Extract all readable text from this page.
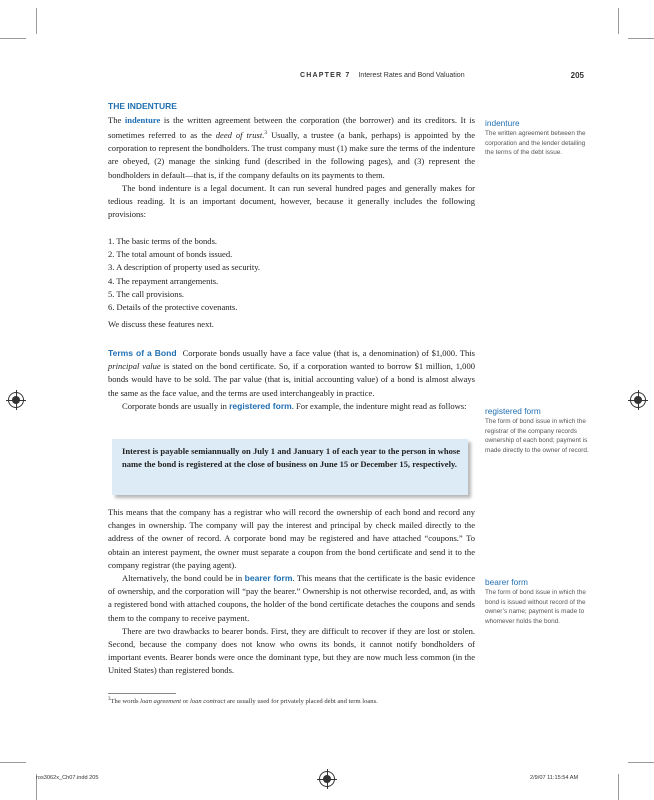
CHAPTER 7 Interest Rates and Bond Valuation	205
THE INDENTURE

The indenture is the written agreement between the corporation (the borrower) and its creditors. It is sometimes referred to as the deed of trust.$^3$ Usually, a trustee (a bank, perhaps) is appointed by the corporation to represent the bondholders. The trust company must (1) make sure the terms of the indenture are obeyed, (2) manage the sinking fund (described in the following pages), and (3) represent the bondholders in default—that is, if the company defaults on its payments to them.

The bond indenture is a legal document. It can run several hundred pages and generally makes for tedious reading. It is an important document, however, because it generally includes the following provisions:

1. The basic terms of the bonds.
2. The total amount of bonds issued.
3. A description of property used as security.
4. The repayment arrangements.
5. The call provisions.
6. Details of the protective covenants.

We discuss these features next.

Terms of a Bond Corporate bonds usually have a face value (that is, a denomination) of $1,000. This principal value is stated on the bond certificate. So, if a corporation wanted to borrow $1 million, 1,000 bonds would have to be sold. The par value (that is, initial accounting value) of a bond is almost always the same as the face value, and the terms are used interchangeably in practice.

Corporate bonds are usually in registered form. For example, the indenture might read as follows:

Interest is payable semiannually on July 1 and January 1 of each year to the person in whose name the bond is registered at the close of business on June 15 or December 15, respectively.

This means that the company has a registrar who will record the ownership of each bond and record any changes in ownership. The company will pay the interest and principal by check mailed directly to the address of the owner of record. A corporate bond may be registered and have attached “coupons.” To obtain an interest payment, the owner must separate a coupon from the bond certificate and send it to the company registrar (the paying agent).

Alternatively, the bond could be in bearer form. This means that the certificate is the basic evidence of ownership, and the corporation will “pay the bearer.” Ownership is not otherwise recorded, and, as with a registered bond with attached coupons, the holder of the bond certificate detaches the coupons and sends them to the company to receive payment.

There are two drawbacks to bearer bonds. First, they are difficult to recover if they are lost or stolen. Second, because the company does not know who owns its bonds, it cannot notify bondholders of important events. Bearer bonds were once the dominant type, but they are now much less common (in the United States) than registered bonds.

indenture
The written agreement between the corporation and the lender detailing the terms of the debt issue.
registered form
The form of bond issue in which the registrar of the company records ownership of each bond; payment is made directly to the owner of record.
bearer form
The form of bond issue in which the bond is issued without record of the owner’s name; payment is made to whomever holds the bond.
$^3$The words loan agreement or loan contract are usually used for privately placed debt and term loans.
ros3062x_Ch07.indd 205	2/9/07 11:15:54 AM
